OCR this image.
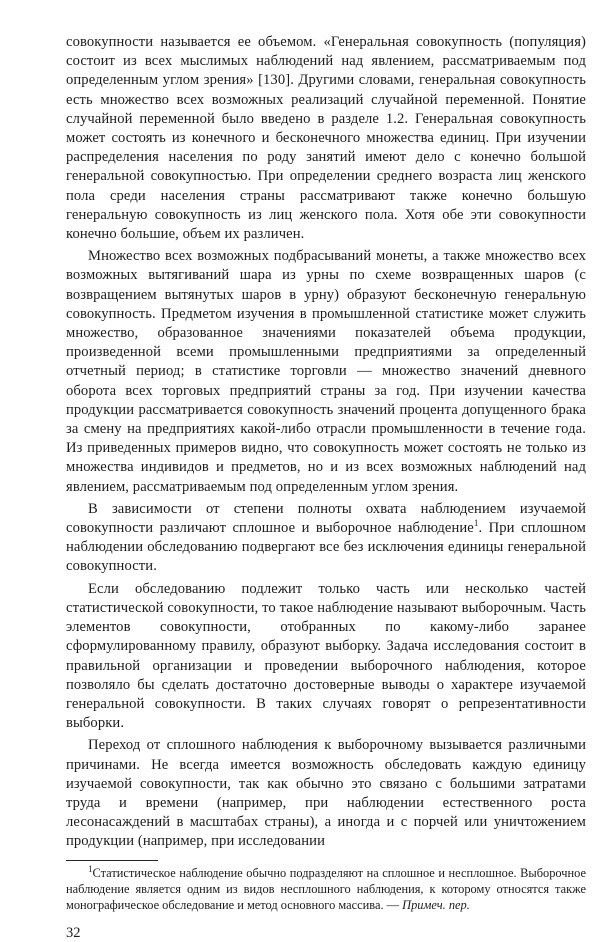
совокупности называется ее объемом. «Генеральная совокупность (популяция) состоит из всех мыслимых наблюдений над явлением, рассматриваемым под определенным углом зрения» [130]. Другими словами, генеральная совокупность есть множество всех возможных реализаций случайной переменной. Понятие случайной переменной было введено в разделе 1.2. Генеральная совокупность может состоять из конечного и бесконечного множества единиц. При изучении распределения населения по роду занятий имеют дело с конечно большой генеральной совокупностью. При определении среднего возраста лиц женского пола среди населения страны рассматривают также конечно большую генеральную совокупность из лиц женского пола. Хотя обе эти совокупности конечно большие, объем их различен.

Множество всех возможных подбрасываний монеты, а также множество всех возможных вытягиваний шара из урны по схеме возвращенных шаров (с возвращением вытянутых шаров в урну) образуют бесконечную генеральную совокупность. Предметом изучения в промышленной статистике может служить множество, образованное значениями показателей объема продукции, произведенной всеми промышленными предприятиями за определенный отчетный период; в статистике торговли — множество значений дневного оборота всех торговых предприятий страны за год. При изучении качества продукции рассматривается совокупность значений процента допущенного брака за смену на предприятиях какой-либо отрасли промышленности в течение года. Из приведенных примеров видно, что совокупность может состоять не только из множества индивидов и предметов, но и из всех возможных наблюдений над явлением, рассматриваемым под определенным углом зрения.

В зависимости от степени полноты охвата наблюдением изучаемой совокупности различают сплошное и выборочное наблюдение$^1$. При сплошном наблюдении обследованию подвергают все без исключения единицы генеральной совокупности.

Если обследованию подлежит только часть или несколько частей статистической совокупности, то такое наблюдение называют выборочным. Часть элементов совокупности, отобранных по какому-либо заранее сформулированному правилу, образуют выборку. Задача исследования состоит в правильной организации и проведении выборочного наблюдения, которое позволяло бы сделать достаточно достоверные выводы о характере изучаемой генеральной совокупности. В таких случаях говорят о репрезентативности выборки.

Переход от сплошного наблюдения к выборочному вызывается различными причинами. Не всегда имеется возможность обследовать каждую единицу изучаемой совокупности, так как обычно это связано с большими затратами труда и времени (например, при наблюдении естественного роста лесонасаждений в масштабах страны), а иногда и с порчей или уничтожением продукции (например, при исследовании

$^1$Статистическое наблюдение обычно подразделяют на сплошное и несплошное. Выборочное наблюдение является одним из видов несплошного наблюдения, к которому относятся также монографическое обследование и метод основного массива. — Примеч. пер.

32
